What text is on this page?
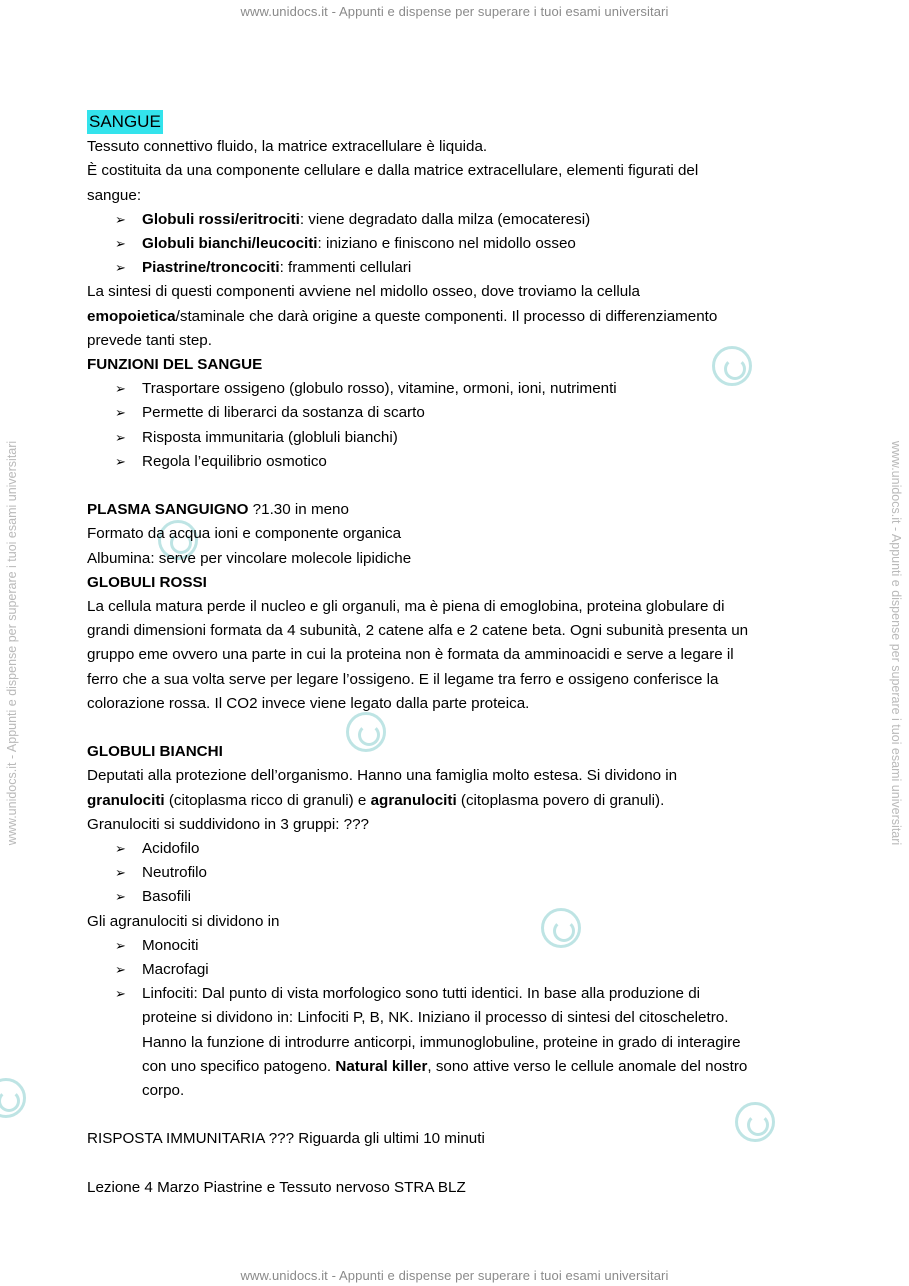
www.unidocs.it - Appunti e dispense per superare i tuoi esami universitari
www.unidocs.it - Appunti e dispense per superare i tuoi esami universitari
www.unidocs.it - Appunti e dispense per superare i tuoi esami universitari	www.unidocs.it - Appunti e dispense per superare i tuoi esami universitari

SANGUE

Tessuto connettivo fluido, la matrice extracellulare è liquida.

È costituita da una componente cellulare e dalla matrice extracellulare, elementi figurati del

sangue:

➢ Globuli rossi/eritrociti: viene degradato dalla milza (emocateresi)
➢ Globuli bianchi/leucociti: iniziano e finiscono nel midollo osseo
➢ Piastrine/troncociti: frammenti cellulari

La sintesi di questi componenti avviene nel midollo osseo, dove troviamo la cellula

emopoietica/staminale che darà origine a queste componenti. Il processo di differenziamento

prevede tanti step.

FUNZIONI DEL SANGUE

➢ Trasportare ossigeno (globulo rosso), vitamine, ormoni, ioni, nutrimenti
➢ Permette di liberarci da sostanza di scarto
➢ Risposta immunitaria (globluli bianchi)
➢ Regola l’equilibrio osmotico

PLASMA SANGUIGNO ?1.30 in meno

Formato da acqua ioni e componente organica

Albumina: serve per vincolare molecole lipidiche

GLOBULI ROSSI

La cellula matura perde il nucleo e gli organuli, ma è piena di emoglobina, proteina globulare di

grandi dimensioni formata da 4 subunità, 2 catene alfa e 2 catene beta. Ogni subunità presenta un

gruppo eme ovvero una parte in cui la proteina non è formata da amminoacidi e serve a legare il

ferro che a sua volta serve per legare l’ossigeno. E il legame tra ferro e ossigeno conferisce la

colorazione rossa. Il CO2 invece viene legato dalla parte proteica.

GLOBULI BIANCHI

Deputati alla protezione dell’organismo. Hanno una famiglia molto estesa. Si dividono in

granulociti (citoplasma ricco di granuli) e agranulociti (citoplasma povero di granuli).

Granulociti si suddividono in 3 gruppi: ???

➢ Acidofilo
➢ Neutrofilo
➢ Basofili

Gli agranulociti si dividono in

➢ Monociti
➢ Macrofagi
➢ Linfociti: Dal punto di vista morfologico sono tutti identici. In base alla produzione di
proteine si dividono in: Linfociti P, B, NK. Iniziano il processo di sintesi del citoscheletro.
Hanno la funzione di introdurre anticorpi, immunoglobuline, proteine in grado di interagire
con uno specifico patogeno. Natural killer, sono attive verso le cellule anomale del nostro
corpo.

RISPOSTA IMMUNITARIA ??? Riguarda gli ultimi 10 minuti

Lezione 4 Marzo Piastrine e Tessuto nervoso STRA BLZ
